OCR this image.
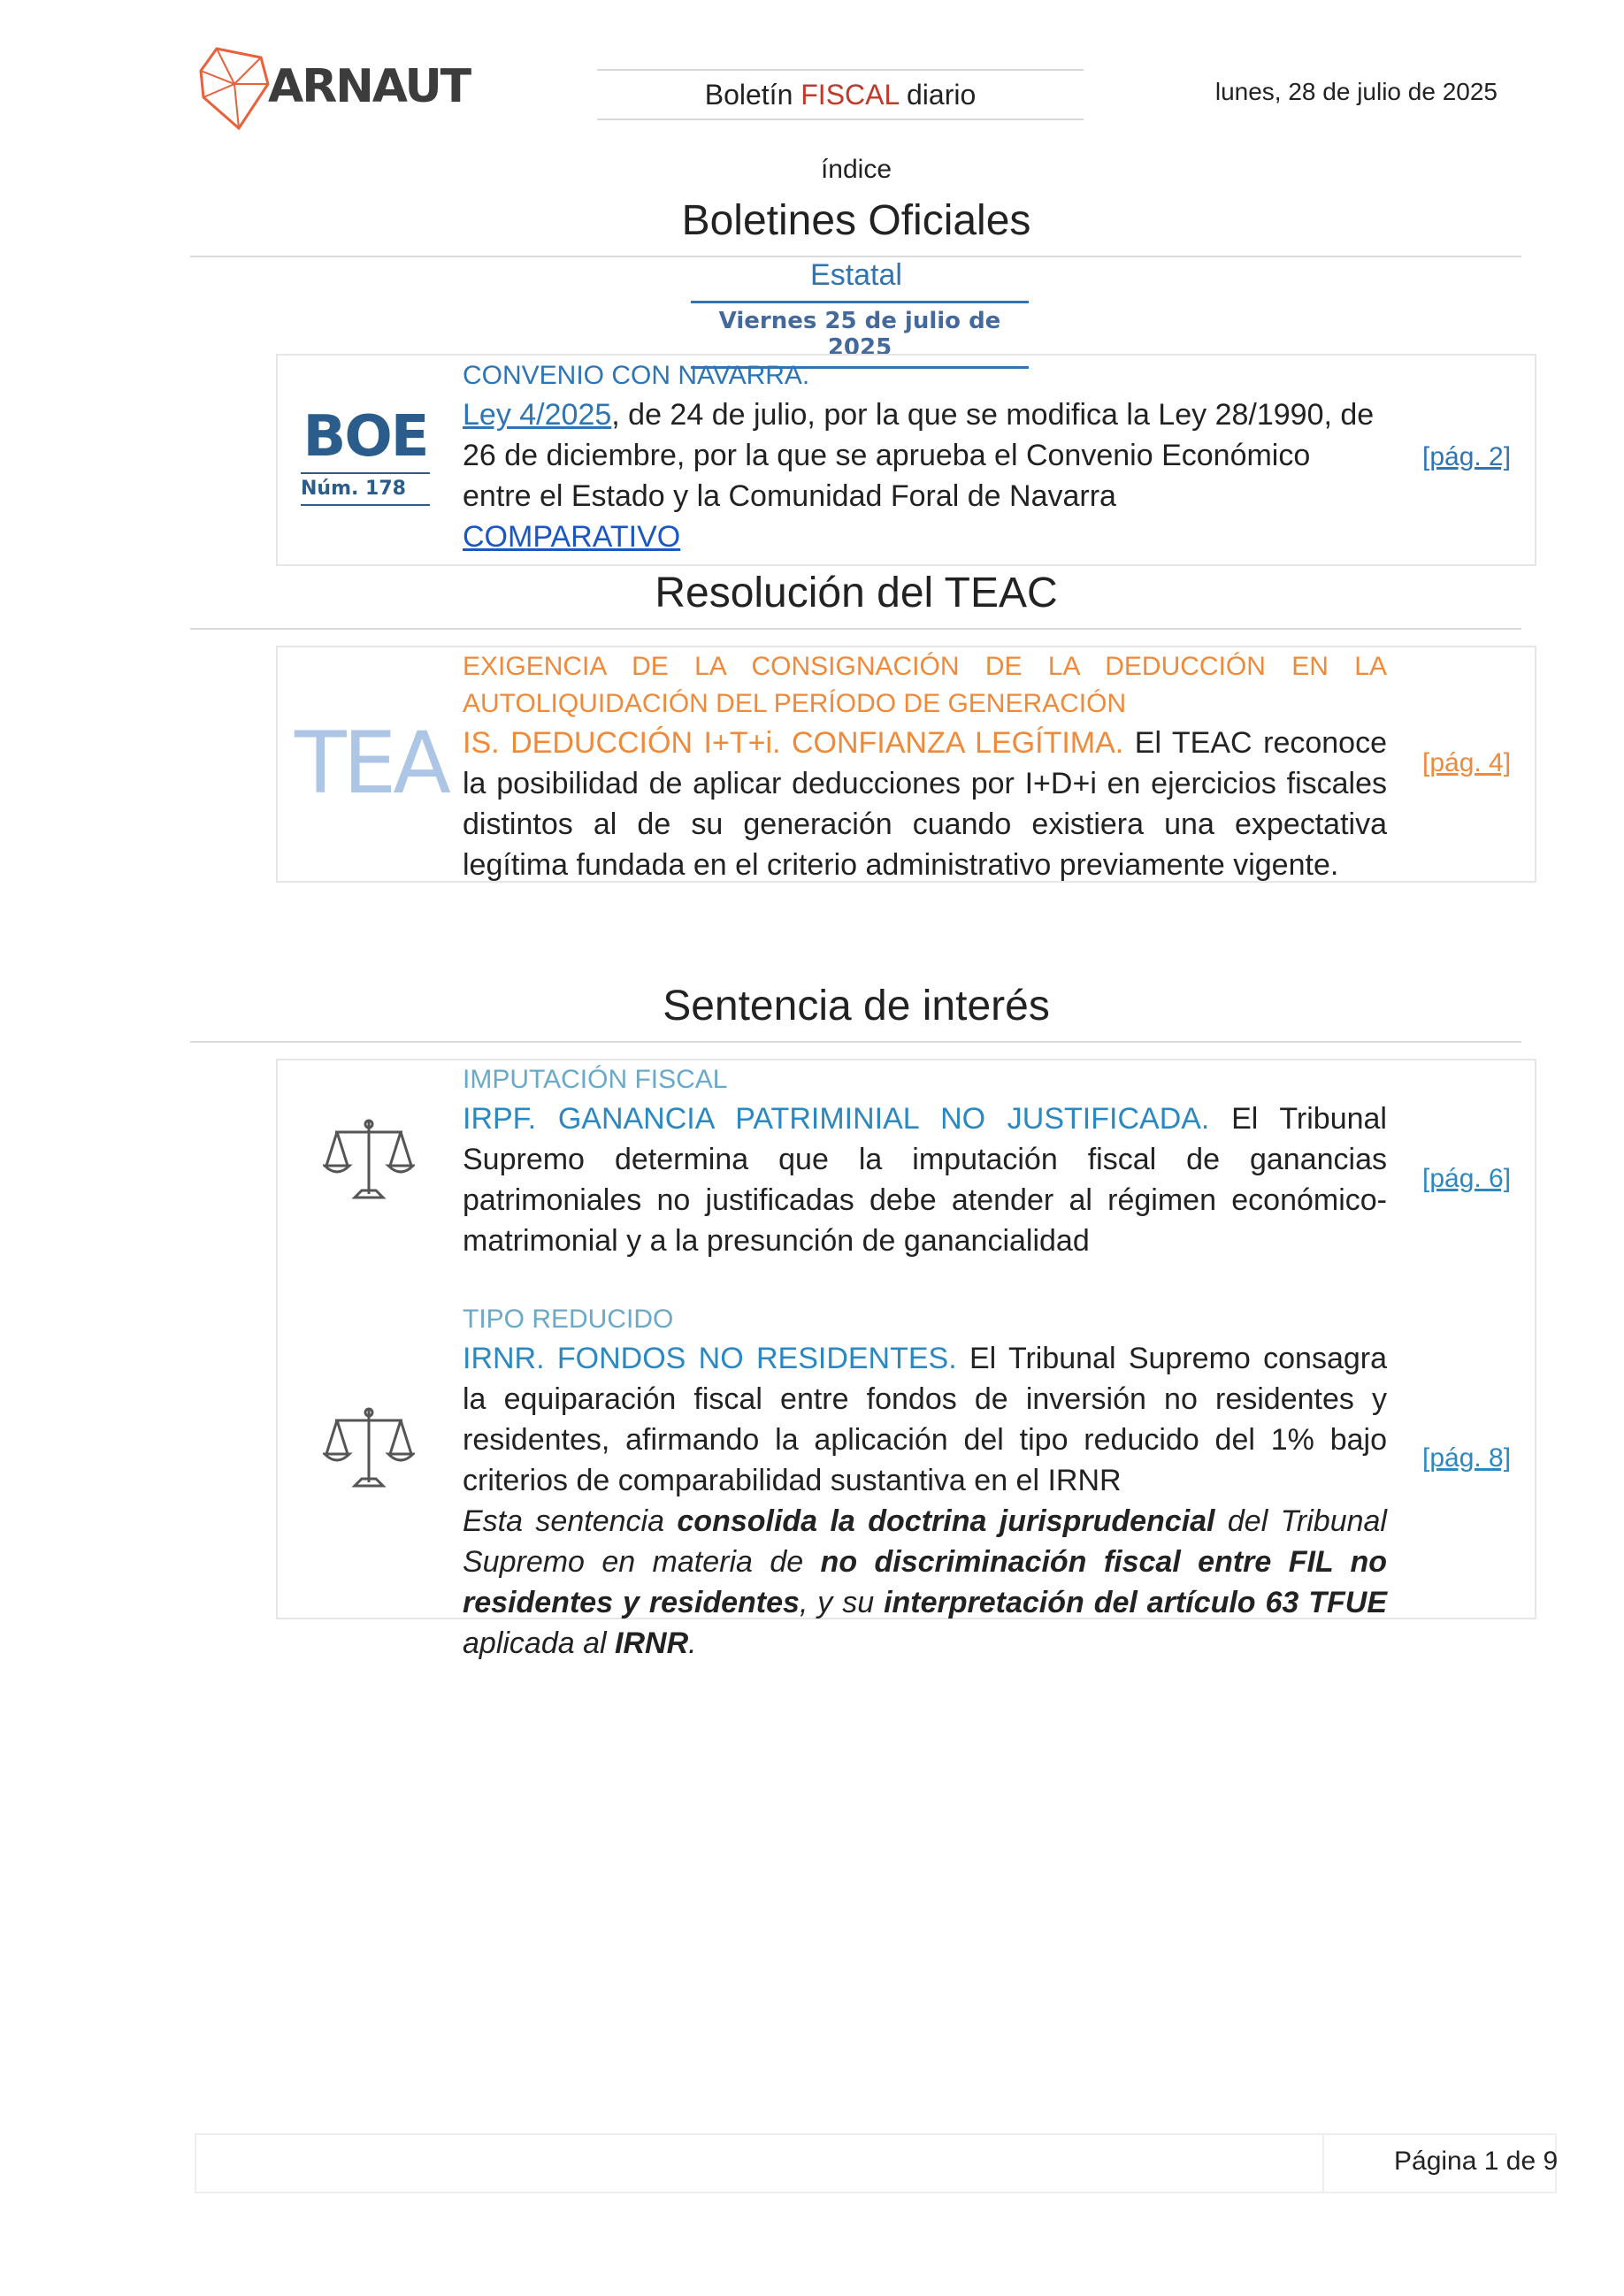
ARNAUT	Boletín FISCAL diario	lunes, 28 de julio de 2025
índice
Boletines Oficiales
Estatal
Viernes 25 de julio de 2025
BOE
Núm. 178
CONVENIO CON NAVARRA.
Ley 4/2025, de 24 de julio, por la que se modifica la Ley 28/1990, de 26 de diciembre, por la que se aprueba el Convenio Económico entre el Estado y la Comunidad Foral de Navarra
COMPARATIVO
[pág. 2]
Resolución del TEAC
TEA
EXIGENCIA DE LA CONSIGNACIÓN DE LA DEDUCCIÓN EN LA AUTOLIQUIDACIÓN DEL PERÍODO DE GENERACIÓN
IS. DEDUCCIÓN I+T+i. CONFIANZA LEGÍTIMA. El TEAC reconoce la posibilidad de aplicar deducciones por I+D+i en ejercicios fiscales distintos al de su generación cuando existiera una expectativa legítima fundada en el criterio administrativo previamente vigente.
[pág. 4]
Sentencia de interés
IMPUTACIÓN FISCAL
IRPF. GANANCIA PATRIMINIAL NO JUSTIFICADA. El Tribunal Supremo determina que la imputación fiscal de ganancias patrimoniales no justificadas debe atender al régimen económico-matrimonial y a la presunción de ganancialidad
[pág. 6]
TIPO REDUCIDO
IRNR. FONDOS NO RESIDENTES. El Tribunal Supremo consagra la equiparación fiscal entre fondos de inversión no residentes y residentes, afirmando la aplicación del tipo reducido del 1% bajo criterios de comparabilidad sustantiva en el IRNR
Esta sentencia consolida la doctrina jurisprudencial del Tribunal Supremo en materia de no discriminación fiscal entre FIL no residentes y residentes, y su interpretación del artículo 63 TFUE aplicada al IRNR.
[pág. 8]
Página 1 de 9
